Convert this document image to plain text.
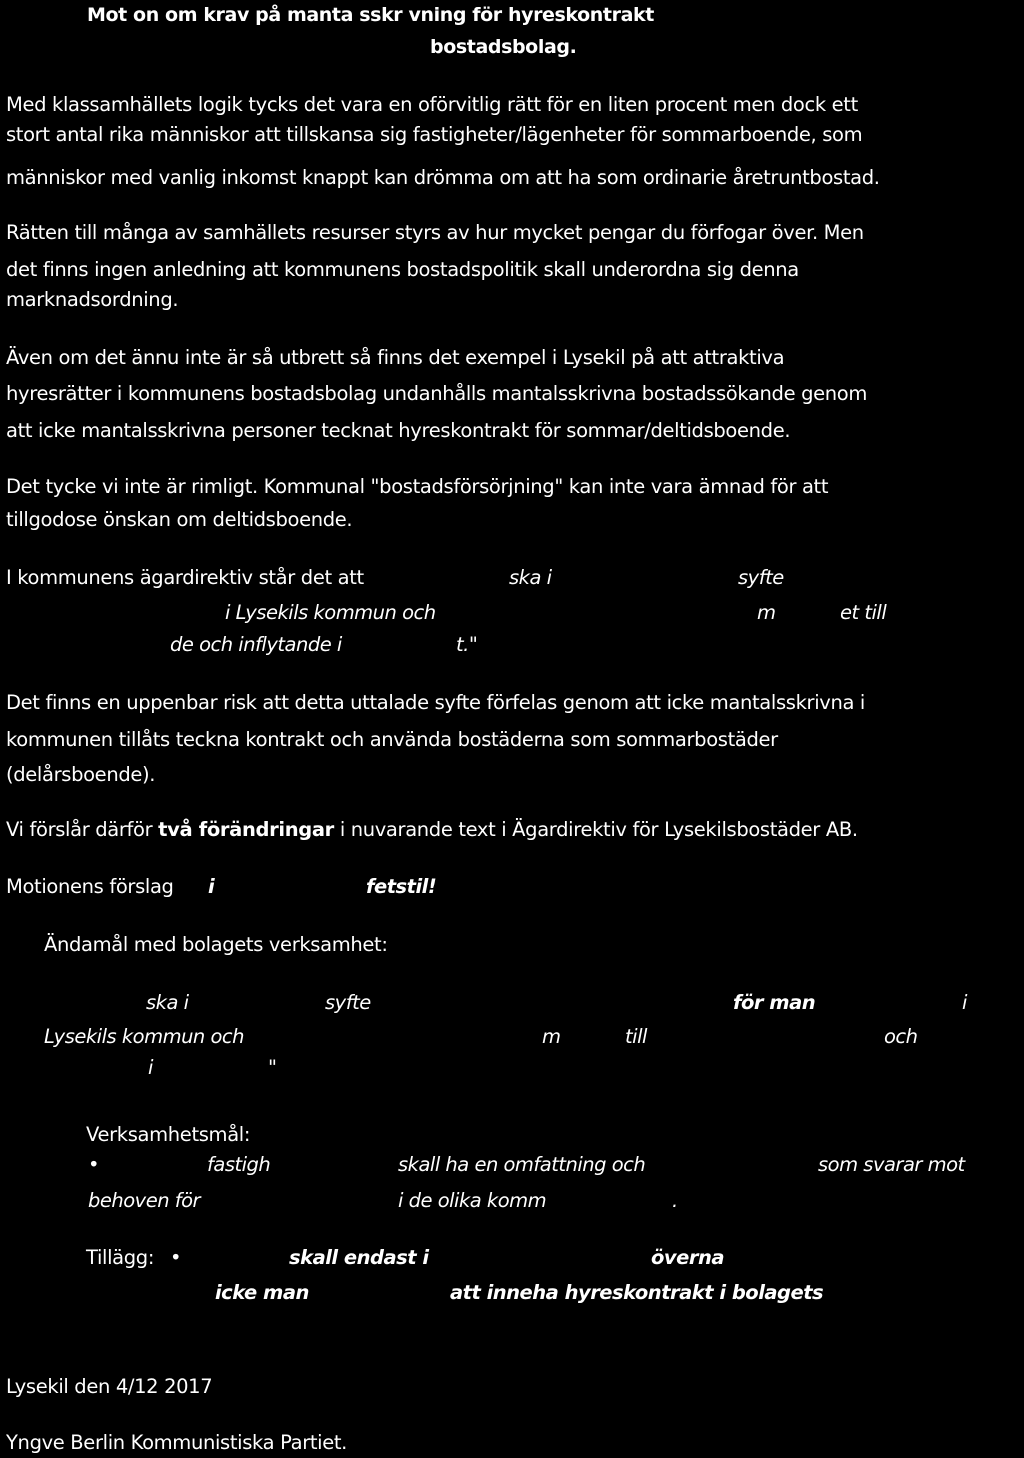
Mot on om krav på manta sskr vning för hyreskontrakt
bostadsbolag.
Med klassamhällets logik tycks det vara en oförvitlig rätt för en liten procent men dock ett
stort antal rika människor att tillskansa sig fastigheter/lägenheter för sommarboende, som
människor med vanlig inkomst knappt kan drömma om att ha som ordinarie åretruntbostad.
Rätten till många av samhällets resurser styrs av hur mycket pengar du förfogar över. Men
det finns ingen anledning att kommunens bostadspolitik skall underordna sig denna
marknadsordning.
Även om det ännu inte är så utbrett så finns det exempel i Lysekil på att attraktiva
hyresrätter i kommunens bostadsbolag undanhålls mantalsskrivna bostadssökande genom
att icke mantalsskrivna personer tecknat hyreskontrakt för sommar/deltidsboende.
Det tycke vi inte är rimligt. Kommunal "bostadsförsörjning" kan inte vara ämnad för att
tillgodose önskan om deltidsboende.
I kommunens ägardirektiv står det att	ska i	syfte
i Lysekils kommun och	m	et till
de och inflytande i	t."
Det finns en uppenbar risk att detta uttalade syfte förfelas genom att icke mantalsskrivna i
kommunen tillåts teckna kontrakt och använda bostäderna som sommarbostäder
(delårsboende).
Vi förslår därför två förändringar i nuvarande text i Ägardirektiv för Lysekilsbostäder AB.
Motionens förslag i	fetstil!
Ändamål med bolagets verksamhet:
ska i	syfte	för man	i
Lysekils kommun och	m	till	och
i	"
Verksamhetsmål:
•	fastigh	skall ha en omfattning och	som svarar mot
behoven för	i de olika komm	.
Tillägg: •	skall endast i	överna
icke man	att inneha hyreskontrakt i bolagets
Lysekil den 4/12 2017
Yngve Berlin Kommunistiska Partiet.
